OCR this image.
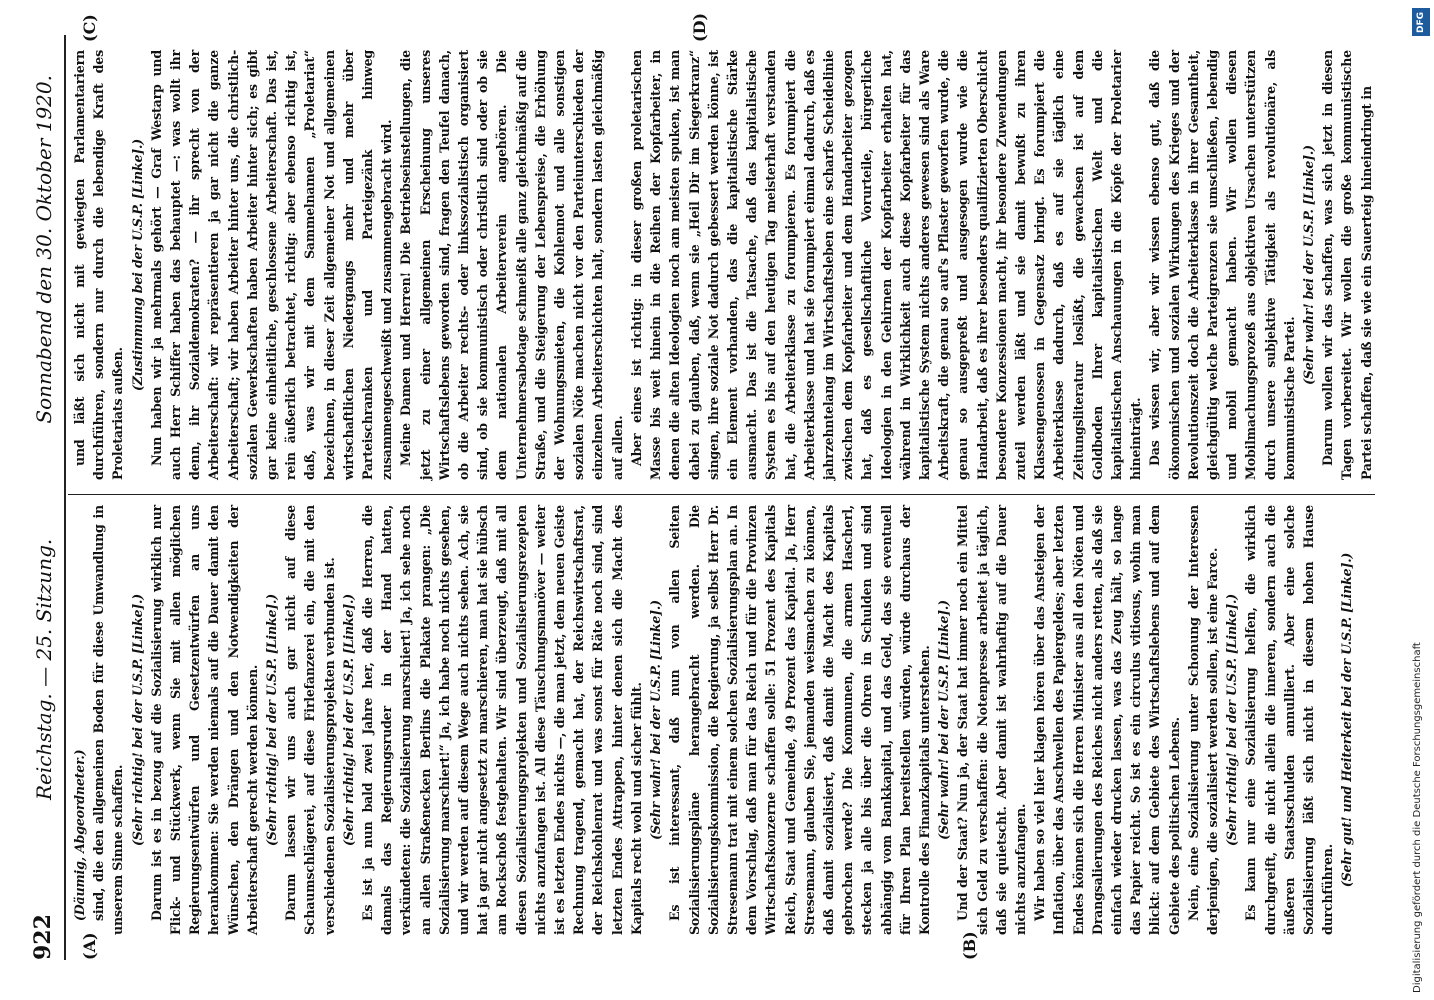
922
Reichstag. — 25. Sitzung.
Sonnabend den 30. Oktober 1920.
(A)	(B)
(C)	(D)

(Däumig, Abgeordneter.) sind, die den allgemeinen Boden für diese Umwandlung in unserem Sinne schaffen.

(Sehr richtig! bei der U.S.P. [Linke].) Darum ist es in bezug auf die Sozialisierung wirklich nur Flick- und Stückwerk, wenn Sie mit allen möglichen Regierungsentwürfen und Gesetzentwürfen an uns herankommen: Sie werden niemals auf die Dauer damit den Wünschen, den Drängen und den Notwendigkeiten der Arbeiterschaft gerecht werden können. (Sehr richtig! bei der U.S.P. [Linke].) Darum lassen wir uns auch gar nicht auf diese Schaumschlägerei, auf diese Firlefanzerei ein, die mit den verschiedenen Sozialisierungsprojekten verbunden ist. (Sehr richtig! bei der U.S.P. [Linke].) Es ist ja nun bald zwei Jahre her, daß die Herren, die damals das Regierungsruder in der Hand hatten, verkündeten: die Sozialisierung marschiert! Ja, ich sehe noch an allen Straßenecken Berlins die Plakate prangen: „Die Sozialisierung marschiert!“ Ja, ich habe noch nichts gesehen, und wir werden auf diesem Wege auch nichts sehen. Ach, sie hat ja gar nicht angesetzt zu marschieren, man hat sie hübsch am Rockschoß festgehalten. Wir sind überzeugt, daß mit all diesen Sozialisierungsprojekten und Sozialisierungsrezepten nichts anzufangen ist. All diese Täuschungsmanöver — weiter ist es letzten Endes nichts —, die man jetzt, dem neuen Geiste Rechnung tragend, gemacht hat, der Reichswirtschaftsrat, der Reichskohlenrat und was sonst für Räte noch sind, sind letzten Endes Attrappen, hinter denen sich die Macht des Kapitals recht wohl und sicher fühlt. (Sehr wahr! bei der U.S.P. [Linke].) Es ist interessant, daß nun von allen Seiten Sozialisierungspläne herangebracht werden. Die Sozialisierungskommission, die Regierung, ja selbst Herr Dr. Stresemann trat mit einem solchen Sozialisierungsplan an. In dem Vorschlag, daß man für das Reich und für die Provinzen Wirtschaftskonzerne schaffen solle: 51 Prozent des Kapitals Reich, Staat und Gemeinde, 49 Prozent das Kapital. Ja, Herr Stresemann, glauben Sie, jemanden weismachen zu können, daß damit sozialisiert, daß damit die Macht des Kapitals gebrochen werde? Die Kommunen, die armen Hascherl, stecken ja alle bis über die Ohren in Schulden und sind abhängig vom Bankkapital, und das Geld, das sie eventuell für Ihren Plan bereitstellen würden, würde durchaus der Kontrolle des Finanzkapitals unterstehen. (Sehr wahr! bei der U.S.P. [Linke].) Und der Staat? Nun ja, der Staat hat immer noch ein Mittel sich Geld zu verschaffen: die Notenpresse arbeitet ja täglich, daß sie quietscht. Aber damit ist wahrhaftig auf die Dauer nichts anzufangen. Wir haben so viel hier klagen hören über das Ansteigen der Inflation, über das Anschwellen des Papiergeldes; aber letzten Endes können sich die Herren Minister aus all den Nöten und Drangsalierungen des Reiches nicht anders retten, als daß sie einfach wieder drucken lassen, was das Zeug hält, so lange das Papier reicht. So ist es ein circulus vitiosus, wohin man blickt: auf dem Gebiete des Wirtschaftslebens und auf dem Gebiete des politischen Lebens. Nein, eine Sozialisierung unter Schonung der Interessen derjenigen, die sozialisiert werden sollen, ist eine Farce. (Sehr richtig! bei der U.S.P. [Linke].) Es kann nur eine Sozialisierung helfen, die wirklich durchgreift, die nicht allein die inneren, sondern auch die äußeren Staatsschulden annulliert. Aber eine solche Sozialisierung läßt sich nicht in diesem hohen Hause durchführen.

(Sehr gut! und Heiterkeit bei der U.S.P. [Linke].)

und läßt sich nicht mit gewiegten Parlamentariern durchführen, sondern nur durch die lebendige Kraft des Proletariats außen.

(Zustimmung bei der U.S.P. [Linke].) Nun haben wir ja mehrmals gehört — Graf Westarp und auch Herr Schiffer haben das behauptet —: was wollt ihr denn, ihr Sozialdemokraten? — ihr sprecht von der Arbeiterschaft: wir repräsentieren ja gar nicht die ganze Arbeiterschaft; wir haben Arbeiter hinter uns, die christlich-sozialen Gewerkschaften haben Arbeiter hinter sich; es gibt gar keine einheitliche, geschlossene Arbeiterschaft. Das ist, rein äußerlich betrachtet, richtig: aber ebenso richtig ist, daß, was wir mit dem Sammelnamen „Proletariat“ bezeichnen, in dieser Zeit allgemeiner Not und allgemeinen wirtschaftlichen Niedergangs mehr und mehr über Parteischranken und Parteigezänk hinweg zusammengeschweißt und zusammengebracht wird. Meine Damen und Herren! Die Betriebseinstellungen, die jetzt zu einer allgemeinen Erscheinung unseres Wirtschaftslebens geworden sind, fragen den Teufel danach, ob die Arbeiter rechts- oder linkssozialistisch organisiert sind, ob sie kommunistisch oder christlich sind oder ob sie dem nationalen Arbeiterverein angehören. Die Unternehmersabotage schmeißt alle ganz gleichmäßig auf die Straße, und die Steigerung der Lebenspreise, die Erhöhung der Wohnungsmieten, die Kohlennot und alle sonstigen sozialen Nöte machen nicht vor den Parteiunterschieden der einzelnen Arbeiterschichten halt, sondern lasten gleichmäßig auf allen. Aber eines ist richtig: in dieser großen proletarischen Masse bis weit hinein in die Reihen der Kopfarbeiter, in denen die alten Ideologien noch am meisten spuken, ist man dabei zu glauben, daß, wenn sie „Heil Dir im Siegerkranz“ singen, ihre soziale Not dadurch gebessert werden könne, ist ein Element vorhanden, das die kapitalistische Stärke ausmacht. Das ist die Tatsache, daß das kapitalistische System es bis auf den heutigen Tag meisterhaft verstanden hat, die Arbeiterklasse zu forumpieren. Es forumpiert die Arbeiterklasse und hat sie forumpiert einmal dadurch, daß es jahrzehntelang im Wirtschaftsleben eine scharfe Scheidelinie zwischen dem Kopfarbeiter und dem Handarbeiter gezogen hat, daß es gesellschaftliche Vorurteile, bürgerliche Ideologien in den Gehirnen der Kopfarbeiter erhalten hat, während in Wirklichkeit auch diese Kopfarbeiter für das kapitalistische System nichts anderes gewesen sind als Ware Arbeitskraft, die genau so auf's Pflaster geworfen wurde, die genau so ausgepreßt und ausgesogen wurde wie die Handarbeit, daß es ihrer besonders qualifizierten Oberschicht besondere Konzessionen macht, ihr besondere Zuwendungen zuteil werden läßt und sie damit bewußt zu ihren Klassengenossen in Gegensatz bringt. Es forumpiert die Arbeiterklasse dadurch, daß es auf sie täglich eine Zeitungsliteratur losläßt, die gewachsen ist auf dem Goldboden Ihrer kapitalistischen Welt und die kapitalistischen Anschauungen in die Köpfe der Proletarier hineinträgt. Das wissen wir, aber wir wissen ebenso gut, daß die ökonomischen und sozialen Wirkungen des Krieges und der Revolutionszeit doch die Arbeiterklasse in ihrer Gesamtheit, gleichgültig welche Parteigrenzen sie umschließen, lebendig und mobil gemacht haben. Wir wollen diesen Mobilmachungsprozeß aus objektiven Ursachen unterstützen durch unsere subjektive Tätigkeit als revolutionäre, als kommunistische Partei.

(Sehr wahr! bei der U.S.P. [Linke].) Darum wollen wir das schaffen, was sich jetzt in diesen Tagen vorbereitet. Wir wollen die große kommunistische Partei schaffen, daß sie wie ein Sauerteig hineindringt in

Digitalisierung gefördert durch die Deutsche Forschungsgemeinschaft
DFG
